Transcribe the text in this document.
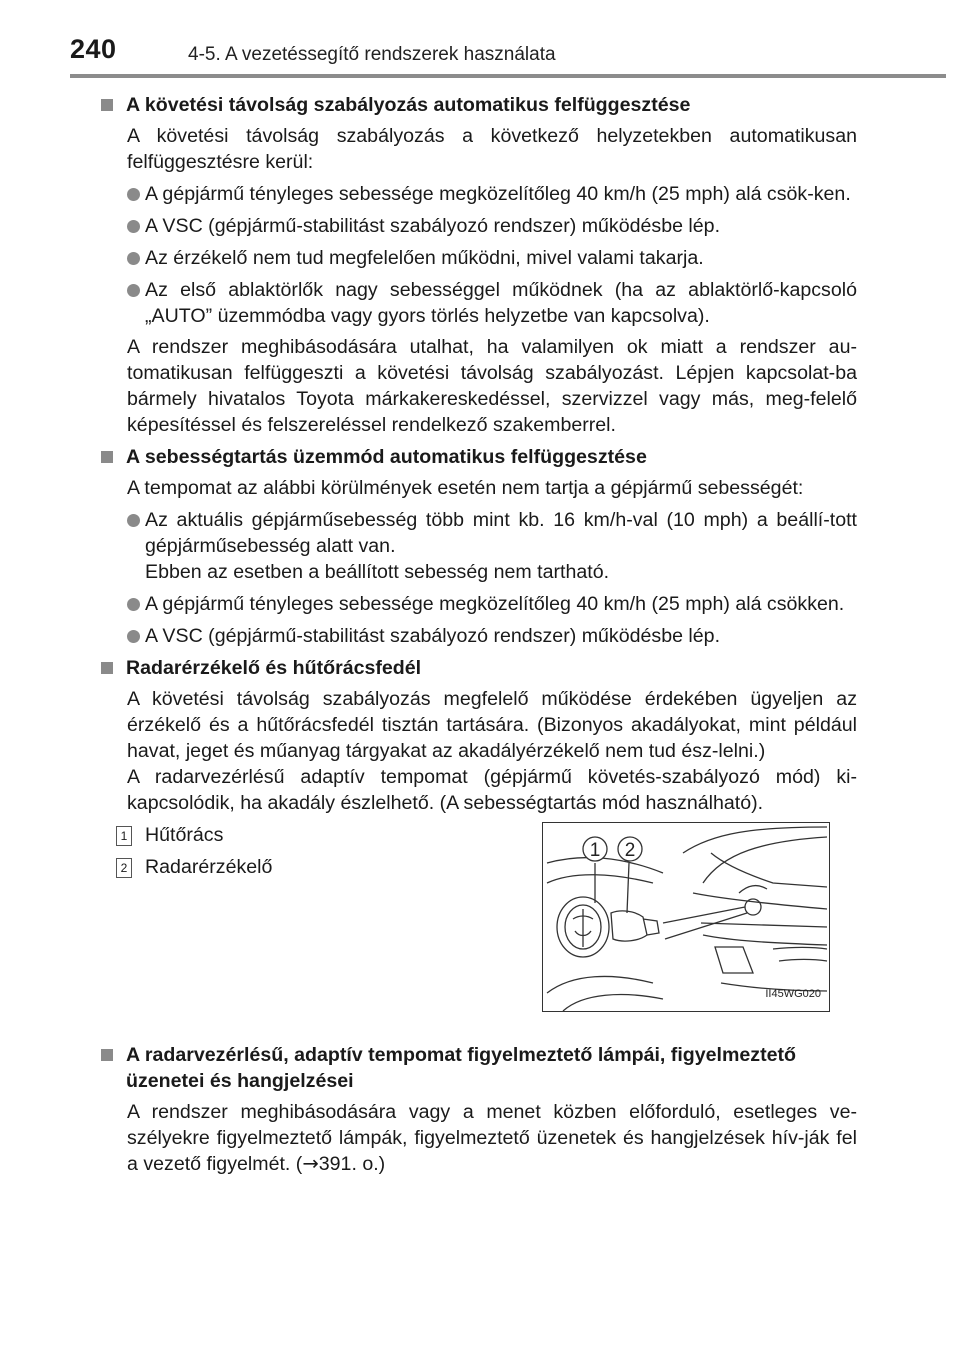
240	4-5. A vezetéssegítő rendszerek használata
A követési távolság szabályozás automatikus felfüggesztése
A követési távolság szabályozás a következő helyzetekben automatikusan felfüggesztésre kerül:
A gépjármű tényleges sebessége megközelítőleg 40 km/h (25 mph) alá csök-ken.
A VSC (gépjármű-stabilitást szabályozó rendszer) működésbe lép.
Az érzékelő nem tud megfelelően működni, mivel valami takarja.
Az első ablaktörlők nagy sebességgel működnek (ha az ablaktörlő-kapcsoló „AUTO” üzemmódba vagy gyors törlés helyzetbe van kapcsolva).
A rendszer meghibásodására utalhat, ha valamilyen ok miatt a rendszer au-tomatikusan felfüggeszti a követési távolság szabályozást. Lépjen kapcsolat-ba bármely hivatalos Toyota márkakereskedéssel, szervizzel vagy más, meg-felelő képesítéssel és felszereléssel rendelkező szakemberrel.
A sebességtartás üzemmód automatikus felfüggesztése
A tempomat az alábbi körülmények esetén nem tartja a gépjármű sebességét:
Az aktuális gépjárműsebesség több mint kb. 16 km/h-val (10 mph) a beállí-tott gépjárműsebesség alatt van.
Ebben az esetben a beállított sebesség nem tartható.
A gépjármű tényleges sebessége megközelítőleg 40 km/h (25 mph) alá csökken.
A VSC (gépjármű-stabilitást szabályozó rendszer) működésbe lép.
Radarérzékelő és hűtőrácsfedél
A követési távolság szabályozás megfelelő működése érdekében ügyeljen az érzékelő és a hűtőrácsfedél tisztán tartására. (Bizonyos akadályokat, mint például havat, jeget és műanyag tárgyakat az akadályérzékelő nem tud ész-lelni.)
A radarvezérlésű adaptív tempomat (gépjármű követés-szabályozó mód) ki-kapcsolódik, ha akadály észlelhető. (A sebességtartás mód használható).
1 Hűtőrács
2 Radarérzékelő
1 2
II45WG020
A radarvezérlésű, adaptív tempomat figyelmeztető lámpái, figyelmeztető üzenetei és hangjelzései
A rendszer meghibásodására vagy a menet közben előforduló, esetleges ve-szélyekre figyelmeztető lámpák, figyelmeztető üzenetek és hangjelzések hív-ják fel a vezető figyelmét. (→391. o.)
